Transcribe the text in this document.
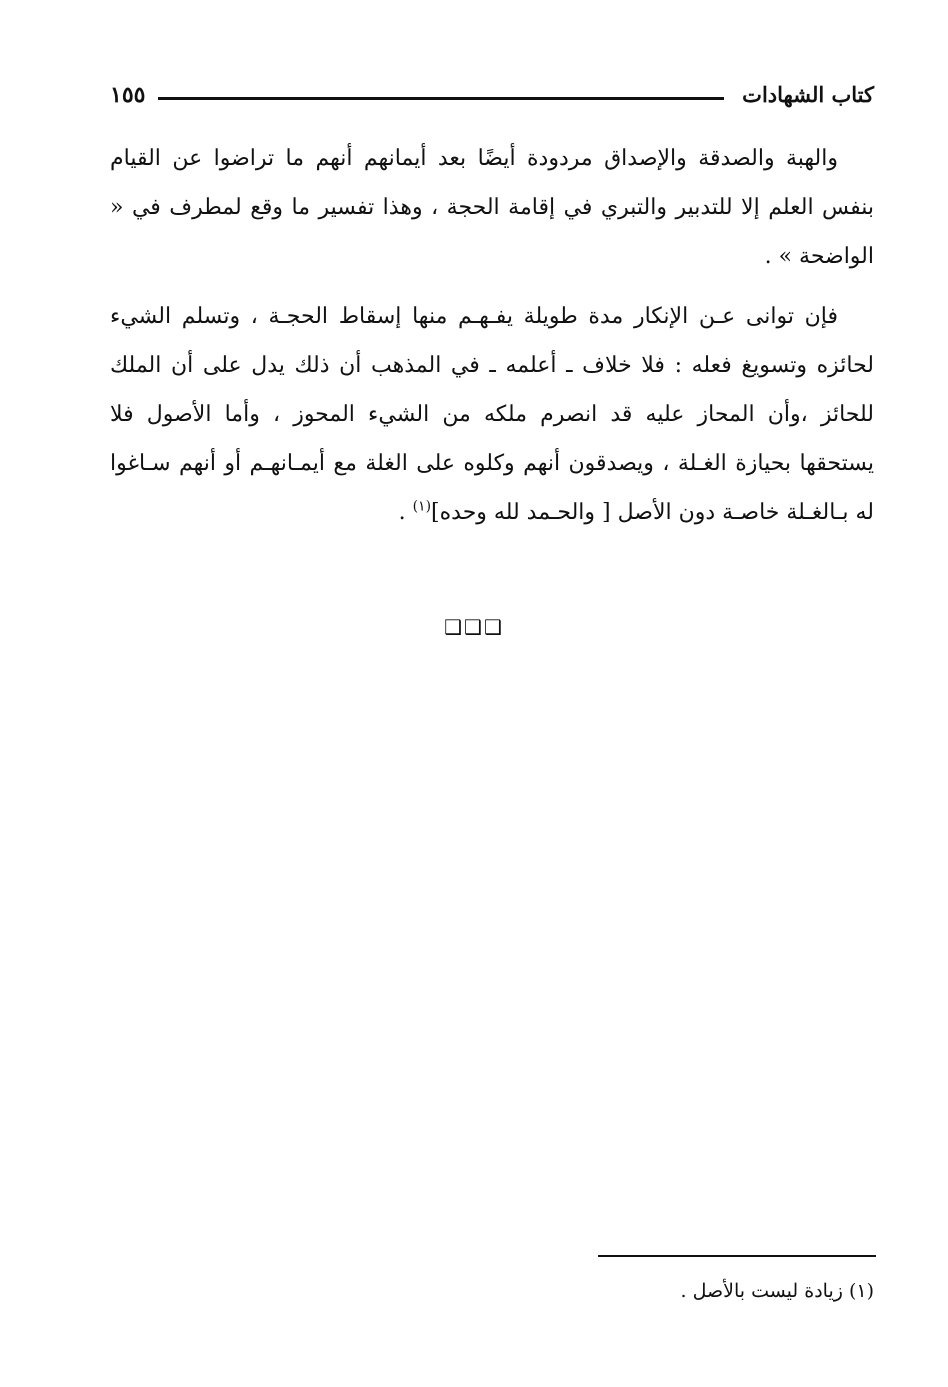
كتاب الشهادات
١٥٥

والهبة والصدقة والإصداق مردودة أيضًا بعد أيمانهم أنهم ما تراضوا عن القيام بنفس العلم إلا للتدبير والتبري في إقامة الحجة ، وهذا تفسير ما وقع لمطرف في « الواضحة » .

فإن توانى عـن الإنكار مدة طويلة يفـهـم منها إسقاط الحجـة ، وتسلم الشيء لحائزه وتسويغ فعله : فلا خلاف ـ أعلمه ـ في المذهب أن ذلك يدل على أن الملك للحائز ،وأن المحاز عليه قد انصرم ملكه من الشيء المحوز ، وأما الأصول فلا يستحقها بحيازة الغـلة ، ويصدقون أنهم وكلوه على الغلة مع أيمـانهـم أو أنهم سـاغوا له بـالغـلة خاصـة دون الأصل [ والحـمد لله وحده]$^{(١)}$ .

❑❑❑
(١) زيادة ليست بالأصل .
